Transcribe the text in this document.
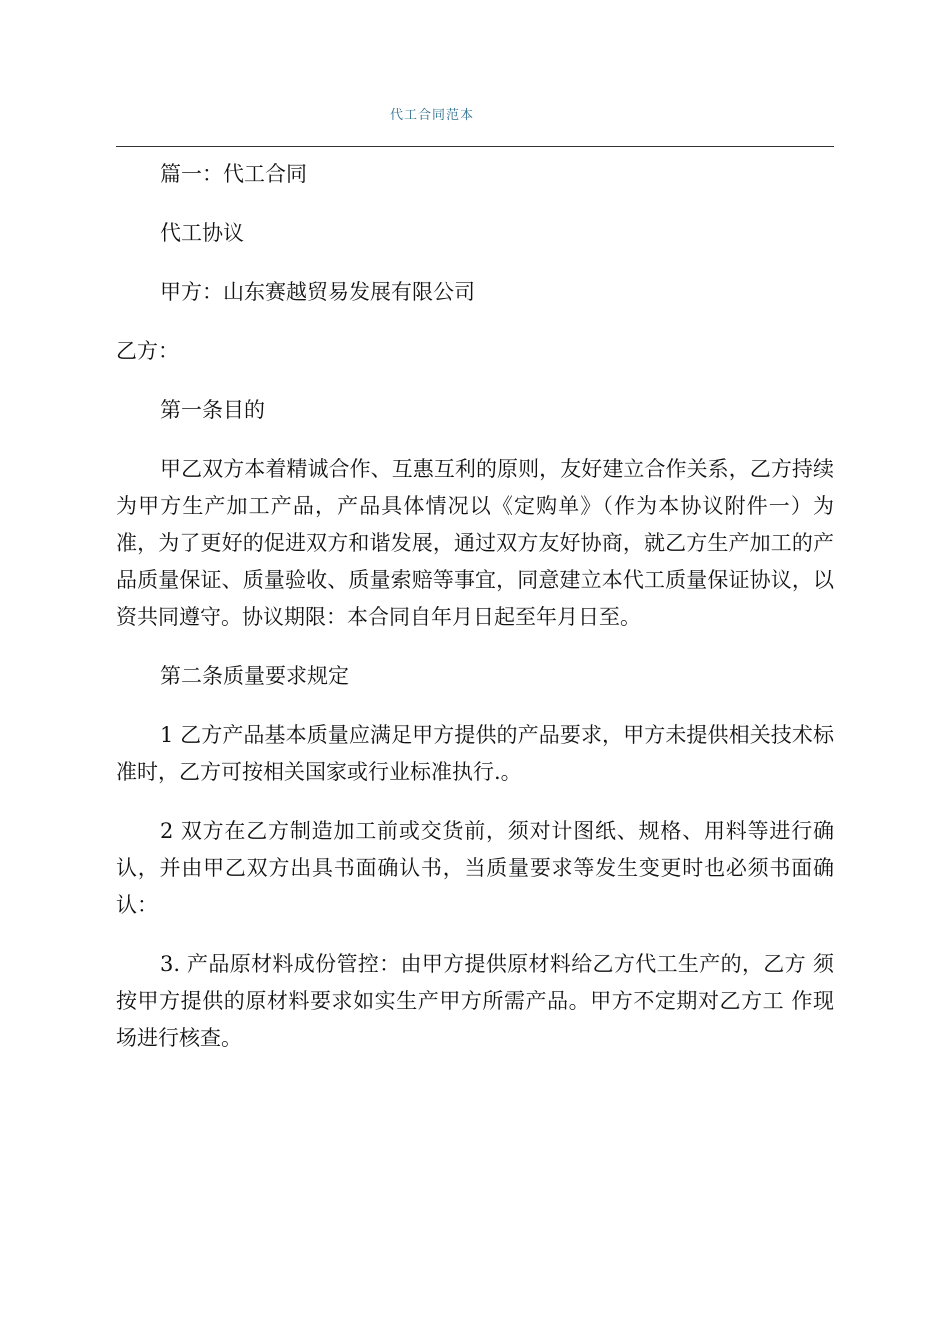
代工合同范本

篇一：代工合同

代工协议

甲方：山东赛越贸易发展有限公司

乙方：

第一条目的

甲乙双方本着精诚合作、互惠互利的原则，友好建立合作关系，乙方持续为甲方生产加工产品，产品具体情况以《定购单》（作为本协议附件一）为准，为了更好的促进双方和谐发展，通过双方友好协商，就乙方生产加工的产品质量保证、质量验收、质量索赔等事宜，同意建立本代工质量保证协议，以资共同遵守。协议期限：本合同自年月日起至年月日至。

第二条质量要求规定

1 乙方产品基本质量应满足甲方提供的产品要求，甲方未提供相关技术标准时，乙方可按相关国家或行业标准执行.。

2 双方在乙方制造加工前或交货前，须对计图纸、规格、用料等进行确认，并由甲乙双方出具书面确认书，当质量要求等发生变更时也必须书面确认：

3. 产品原材料成份管控：由甲方提供原材料给乙方代工生产的，乙方 须按甲方提供的原材料要求如实生产甲方所需产品。甲方不定期对乙方工 作现场进行核查。
